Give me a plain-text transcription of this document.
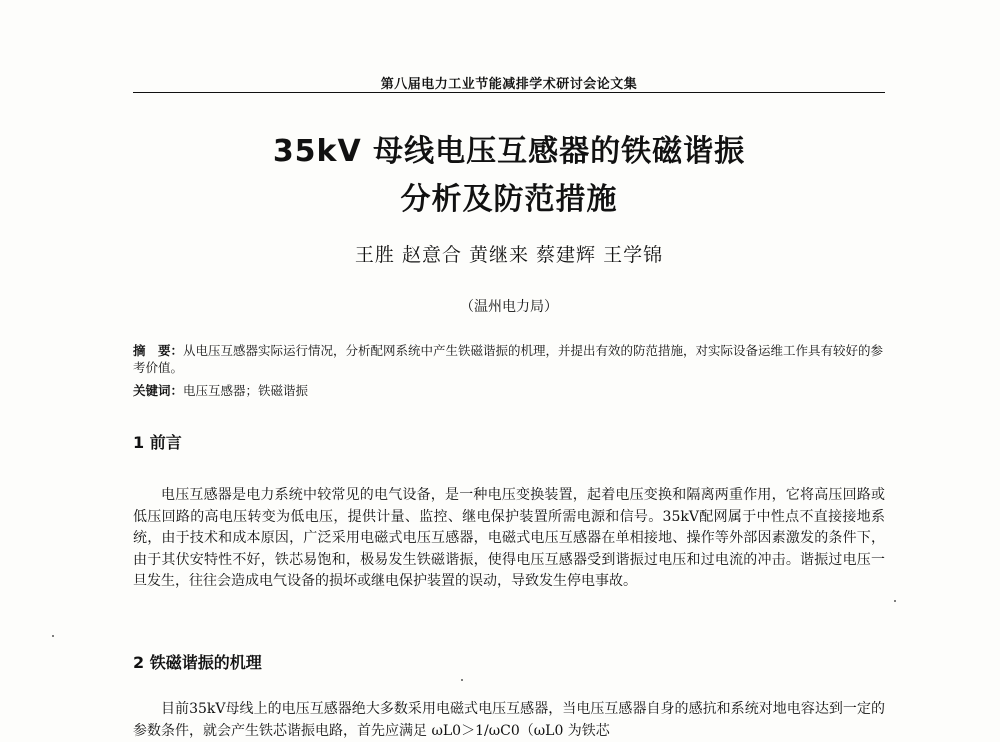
第八届电力工业节能减排学术研讨会论文集
35kV 母线电压互感器的铁磁谐振
分析及防范措施
王胜 赵意合 黄继来 蔡建辉 王学锦
（温州电力局）
摘　要：从电压互感器实际运行情况，分析配网系统中产生铁磁谐振的机理，并提出有效的防范措施，对实际设备运维工作具有较好的参考价值。
关键词：电压互感器；铁磁谐振
1 前言
电压互感器是电力系统中较常见的电气设备，是一种电压变换装置，起着电压变换和隔离两重作用，它将高压回路或低压回路的高电压转变为低电压，提供计量、监控、继电保护装置所需电源和信号。35kV配网属于中性点不直接接地系统，由于技术和成本原因，广泛采用电磁式电压互感器，电磁式电压互感器在单相接地、操作等外部因素激发的条件下，由于其伏安特性不好，铁芯易饱和，极易发生铁磁谐振，使得电压互感器受到谐振过电压和过电流的冲击。谐振过电压一旦发生，往往会造成电气设备的损坏或继电保护装置的误动，导致发生停电事故。
2 铁磁谐振的机理
目前35kV母线上的电压互感器绝大多数采用电磁式电压互感器，当电压互感器自身的感抗和系统对地电容达到一定的参数条件，就会产生铁芯谐振电路，首先应满足 ωL0＞1/ωC0（ωL0 为铁芯
